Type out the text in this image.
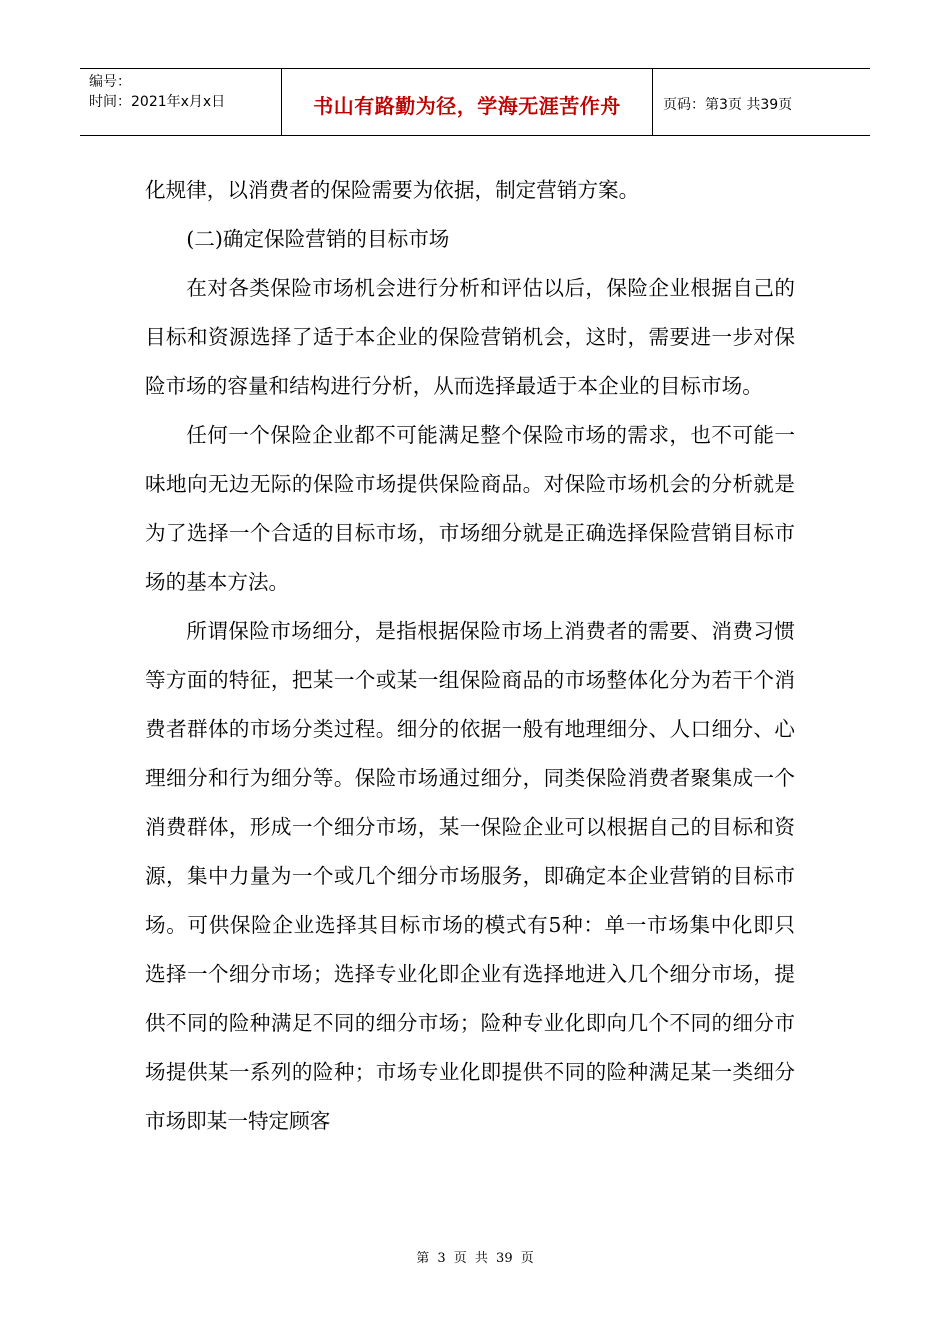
编号：
时间：2021年x月x日	书山有路勤为径，学海无涯苦作舟	页码：第3页 共39页

化规律，以消费者的保险需要为依据，制定营销方案。

(二)确定保险营销的目标市场

在对各类保险市场机会进行分析和评估以后，保险企业根据自己的目标和资源选择了适于本企业的保险营销机会，这时，需要进一步对保险市场的容量和结构进行分析，从而选择最适于本企业的目标市场。

任何一个保险企业都不可能满足整个保险市场的需求，也不可能一味地向无边无际的保险市场提供保险商品。对保险市场机会的分析就是为了选择一个合适的目标市场，市场细分就是正确选择保险营销目标市场的基本方法。

所谓保险市场细分，是指根据保险市场上消费者的需要、消费习惯等方面的特征，把某一个或某一组保险商品的市场整体化分为若干个消费者群体的市场分类过程。细分的依据一般有地理细分、人口细分、心理细分和行为细分等。保险市场通过细分，同类保险消费者聚集成一个消费群体，形成一个细分市场，某一保险企业可以根据自己的目标和资源，集中力量为一个或几个细分市场服务，即确定本企业营销的目标市场。可供保险企业选择其目标市场的模式有5种：单一市场集中化即只选择一个细分市场；选择专业化即企业有选择地进入几个细分市场，提供不同的险种满足不同的细分市场；险种专业化即向几个不同的细分市场提供某一系列的险种；市场专业化即提供不同的险种满足某一类细分市场即某一特定顾客

第 3 页 共 39 页
